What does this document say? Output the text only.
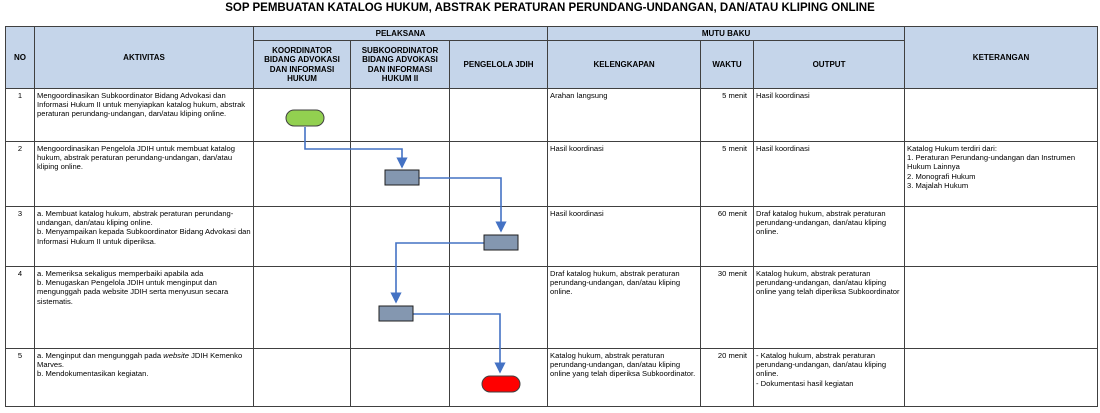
SOP PEMBUATAN KATALOG HUKUM, ABSTRAK PERATURAN PERUNDANG-UNDANGAN, DAN/ATAU KLIPING ONLINE
NO	AKTIVITAS	PELAKSANA			MUTU BAKU			KETERANGAN
		KOORDINATOR BIDANG ADVOKASI DAN INFORMASI HUKUM	SUBKOORDINATOR BIDANG ADVOKASI DAN INFORMASI HUKUM II	PENGELOLA JDIH	KELENGKAPAN	WAKTU	OUTPUT	
1	Mengoordinasikan Subkoordinator Bidang Advokasi dan Informasi Hukum II untuk menyiapkan katalog hukum, abstrak peraturan perundang-undangan, dan/atau kliping online.				Arahan langsung	5 menit	Hasil koordinasi	
2	Mengoordinasikan Pengelola JDIH untuk membuat katalog hukum, abstrak peraturan perundang-undangan, dan/atau kliping online.				Hasil koordinasi	5 menit	Hasil koordinasi	Katalog Hukum terdiri dari:
1. Peraturan Perundang-undangan dan Instrumen Hukum Lainnya
2. Monografi Hukum
3. Majalah Hukum
3	a. Membuat katalog hukum, abstrak peraturan perundang-undangan, dan/atau kliping online.
b. Menyampaikan kepada Subkoordinator Bidang Advokasi dan Informasi Hukum II untuk diperiksa.				Hasil koordinasi	60 menit	Draf katalog hukum, abstrak peraturan perundang-undangan, dan/atau kliping online.	
4	a. Memeriksa sekaligus memperbaiki apabila ada
b. Menugaskan Pengelola JDIH untuk menginput dan mengunggah pada website JDIH serta menyusun secara sistematis.				Draf katalog hukum, abstrak peraturan perundang-undangan, dan/atau kliping online.	30 menit	Katalog hukum, abstrak peraturan perundang-undangan, dan/atau kliping online yang telah diperiksa Subkoordinator	
5	a. Menginput dan mengunggah pada website JDIH Kemenko Marves.
b. Mendokumentasikan kegiatan.				Katalog hukum, abstrak peraturan perundang-undangan, dan/atau kliping online yang telah diperiksa Subkoordinator.	20 menit	- Katalog hukum, abstrak peraturan perundang-undangan, dan/atau kliping online.
- Dokumentasi hasil kegiatan	
